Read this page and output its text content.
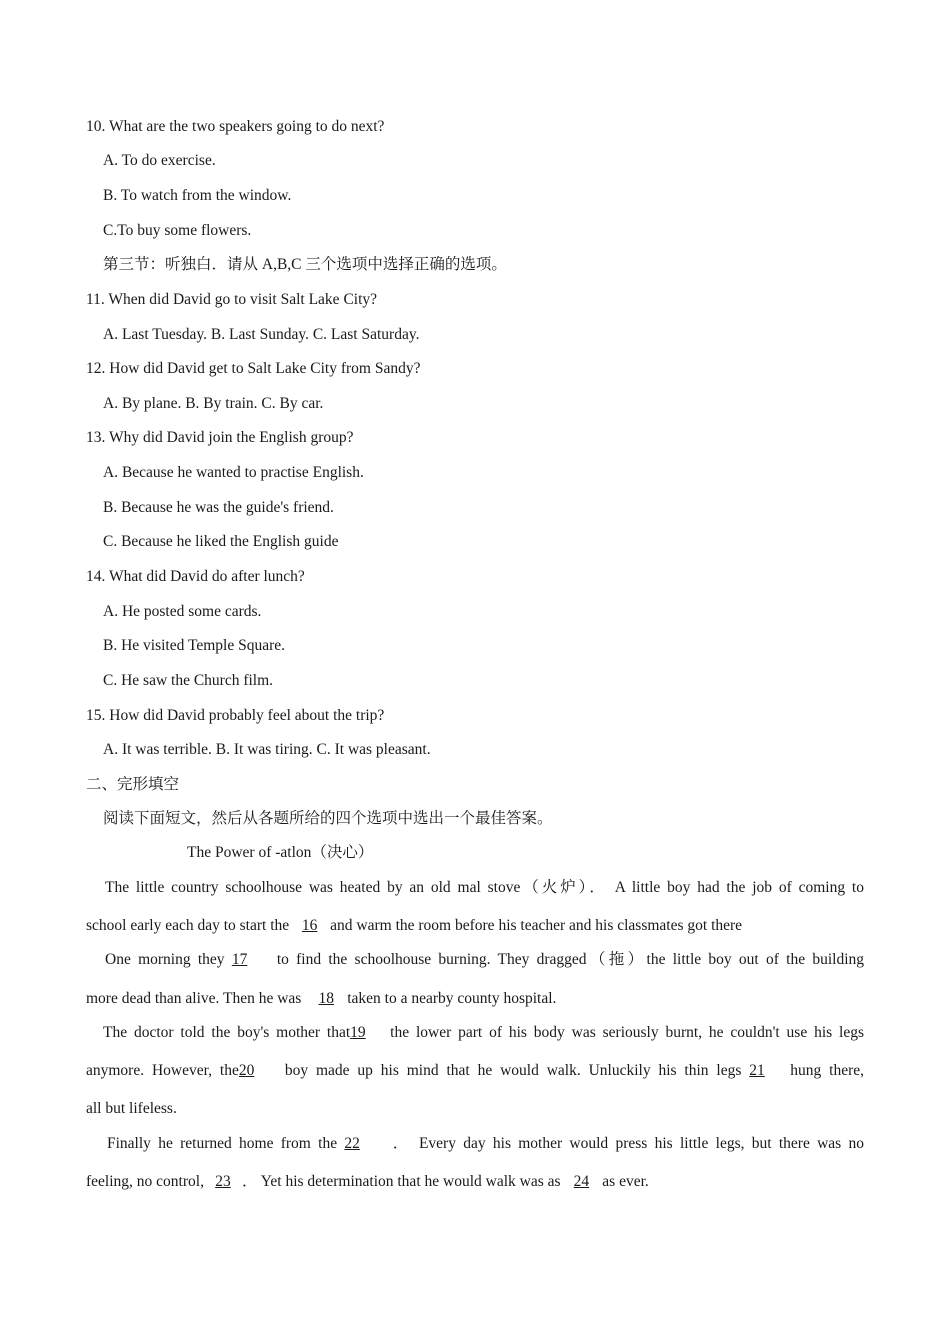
10. What are the two speakers going to do next?
A. To do exercise.
B. To watch from the window.
C.To buy some flowers.
第三节：听独白．请从 A,B,C 三个选项中选择正确的选项。
11. When did David go to visit Salt Lake City?
A. Last Tuesday. B. Last Sunday. C. Last Saturday.
12. How did David get to Salt Lake City from Sandy?
A. By plane. B. By train. C. By car.
13. Why did David join the English group?
A. Because he wanted to practise English.
B. Because he was the guide's friend.
C. Because he liked the English guide
14. What did David do after lunch?
A. He posted some cards.
B. He visited Temple Square.
C. He saw the Church film.
15. How did David probably feel about the trip?
A. It was terrible. B. It was tiring. C. It was pleasant.
二、完形填空
阅读下面短文，然后从各题所给的四个选项中选出一个最佳答案。
The Power of -atlon（决心）
The little country schoolhouse was heated by an old mal stove（火炉）． A little boy had the job of coming to
school early each day to start the 16 and warm the room before his teacher and his classmates got there
One morning they 17 to find the schoolhouse burning. They dragged（拖）the little boy out of the building
more dead than alive. Then he was 18 taken to a nearby county hospital.
The doctor told the boy's mother that19 the lower part of his body was seriously burnt, he couldn't use his legs
anymore. However, the20 boy made up his mind that he would walk. Unluckily his thin legs 21 hung there,
all but lifeless.
Finally he returned home from the 22 ． Every day his mother would press his little legs, but there was no
feeling, no control, 23 ． Yet his determination that he would walk was as 24 as ever.
